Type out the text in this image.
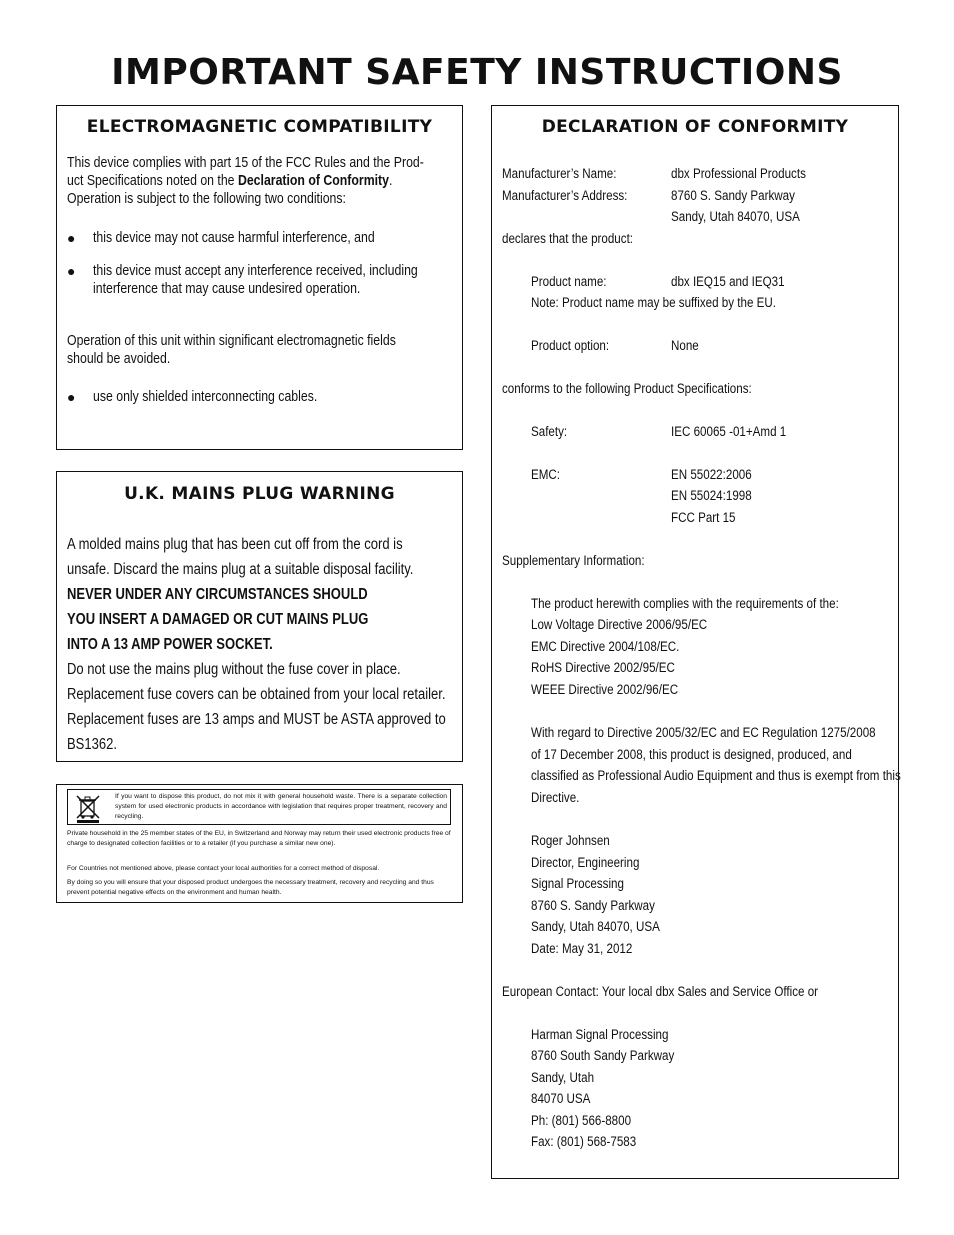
IMPORTANT SAFETY INSTRUCTIONS
ELECTROMAGNETIC COMPATIBILITY
This device complies with part 15 of the FCC Rules and the Prod-
uct Specifications noted on the Declaration of Conformity.
Operation is subject to the following two conditions:
● this device may not cause harmful interference, and
● this device must accept any interference received, including interference that may cause undesired operation.
Operation of this unit within significant electromagnetic fields
should be avoided.
● use only shielded interconnecting cables.
U.K. MAINS PLUG WARNING
A molded mains plug that has been cut off from the cord is
unsafe. Discard the mains plug at a suitable disposal facility.
NEVER UNDER ANY CIRCUMSTANCES SHOULD
YOU INSERT A DAMAGED OR CUT MAINS PLUG
INTO A 13 AMP POWER SOCKET.
Do not use the mains plug without the fuse cover in place.
Replacement fuse covers can be obtained from your local retailer.
Replacement fuses are 13 amps and MUST be ASTA approved to
BS1362.
If you want to dispose this product, do not mix it with general household waste. There is a separate collection system for used electronic products in accordance with legislation that requires proper treatment, recovery and recycling.
Private household in the 25 member states of the EU, in Switzerland and Norway may return their used electronic products free of charge to designated collection facilities or to a retailer (if you purchase a similar new one).
For Countries not mentioned above, please contact your local authorities for a correct method of disposal.
By doing so you will ensure that your disposed product undergoes the necessary treatment, recovery and recycling and thus prevent potential negative effects on the environment and human health.
DECLARATION OF CONFORMITY
Manufacturer’s Name:	dbx Professional Products
Manufacturer’s Address:	8760 S. Sandy Parkway
Sandy, Utah 84070, USA
declares that the product:
Product name:	dbx IEQ15 and IEQ31
Note: Product name may be suffixed by the EU.
Product option:	None
conforms to the following Product Specifications:
Safety:	IEC 60065 -01+Amd 1
EMC:	EN 55022:2006
EN 55024:1998
FCC Part 15
Supplementary Information:
The product herewith complies with the requirements of the:
Low Voltage Directive 2006/95/EC
EMC Directive 2004/108/EC.
RoHS Directive 2002/95/EC
WEEE Directive 2002/96/EC
With regard to Directive 2005/32/EC and EC Regulation 1275/2008
of 17 December 2008, this product is designed, produced, and
classified as Professional Audio Equipment and thus is exempt from this
Directive.
Roger Johnsen
Director, Engineering
Signal Processing
8760 S. Sandy Parkway
Sandy, Utah 84070, USA
Date: May 31, 2012
European Contact: Your local dbx Sales and Service Office or
Harman Signal Processing
8760 South Sandy Parkway
Sandy, Utah
84070 USA
Ph: (801) 566-8800
Fax: (801) 568-7583
